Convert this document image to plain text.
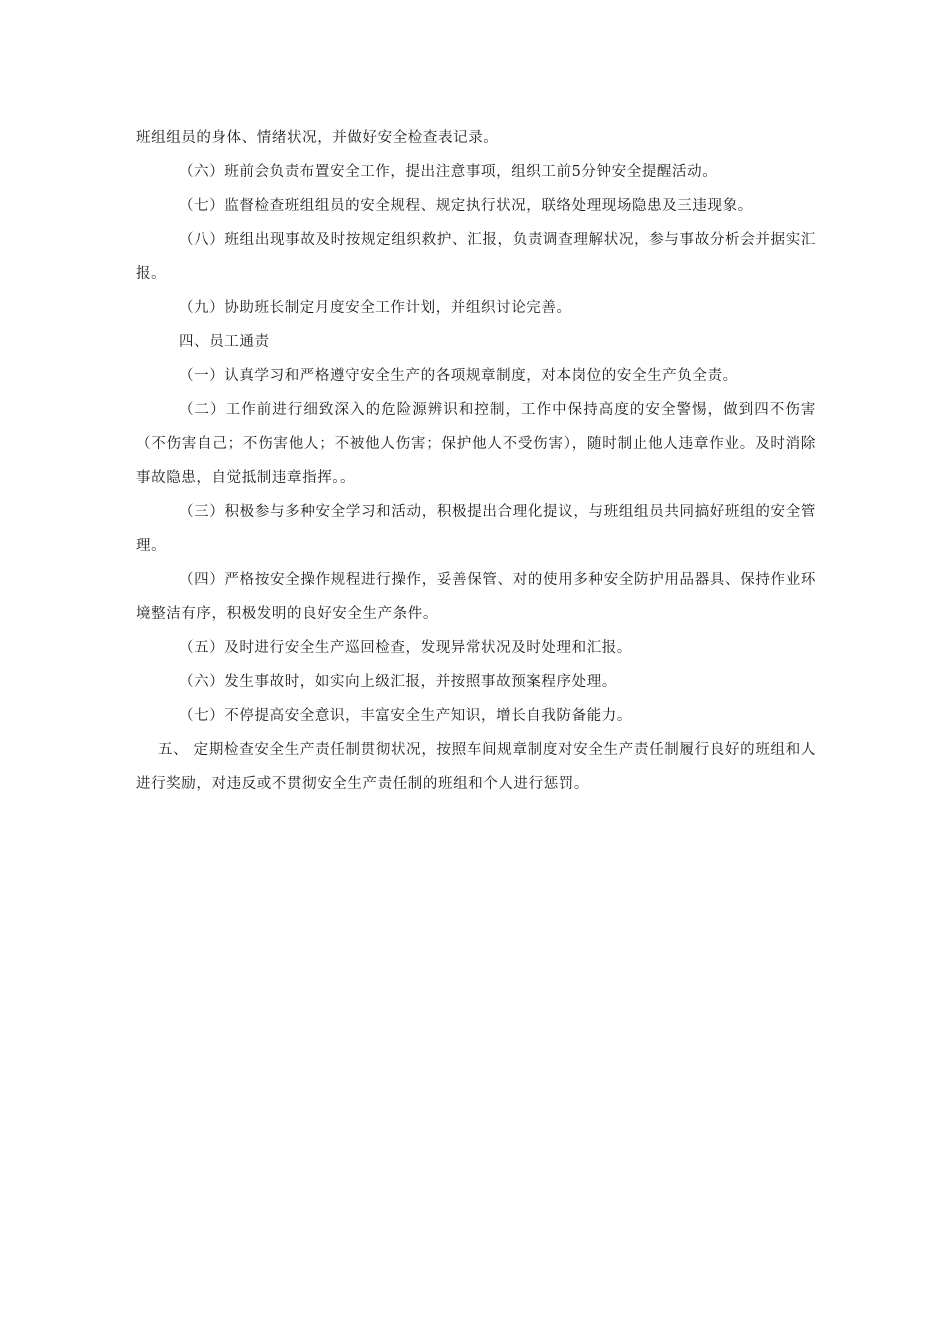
班组组员的身体、情绪状况，并做好安全检查表记录。

（六）班前会负责布置安全工作，提出注意事项，组织工前5分钟安全提醒活动。

（七）监督检查班组组员的安全规程、规定执行状况，联络处理现场隐患及三违现象。

（八）班组出现事故及时按规定组织救护、汇报，负责调查理解状况，参与事故分析会并据实汇报。

（九）协助班长制定月度安全工作计划，并组织讨论完善。

四、员工通责

（一）认真学习和严格遵守安全生产的各项规章制度，对本岗位的安全生产负全责。

（二）工作前进行细致深入的危险源辨识和控制，工作中保持高度的安全警惕，做到四不伤害（不伤害自己；不伤害他人；不被他人伤害；保护他人不受伤害），随时制止他人违章作业。及时消除事故隐患，自觉抵制违章指挥。。

（三）积极参与多种安全学习和活动，积极提出合理化提议，与班组组员共同搞好班组的安全管理。

（四）严格按安全操作规程进行操作，妥善保管、对的使用多种安全防护用品器具、保持作业环境整洁有序，积极发明的良好安全生产条件。

（五）及时进行安全生产巡回检查，发现异常状况及时处理和汇报。

（六）发生事故时，如实向上级汇报，并按照事故预案程序处理。

（七）不停提高安全意识，丰富安全生产知识，增长自我防备能力。

五、 定期检查安全生产责任制贯彻状况，按照车间规章制度对安全生产责任制履行良好的班组和人进行奖励，对违反或不贯彻安全生产责任制的班组和个人进行惩罚。
